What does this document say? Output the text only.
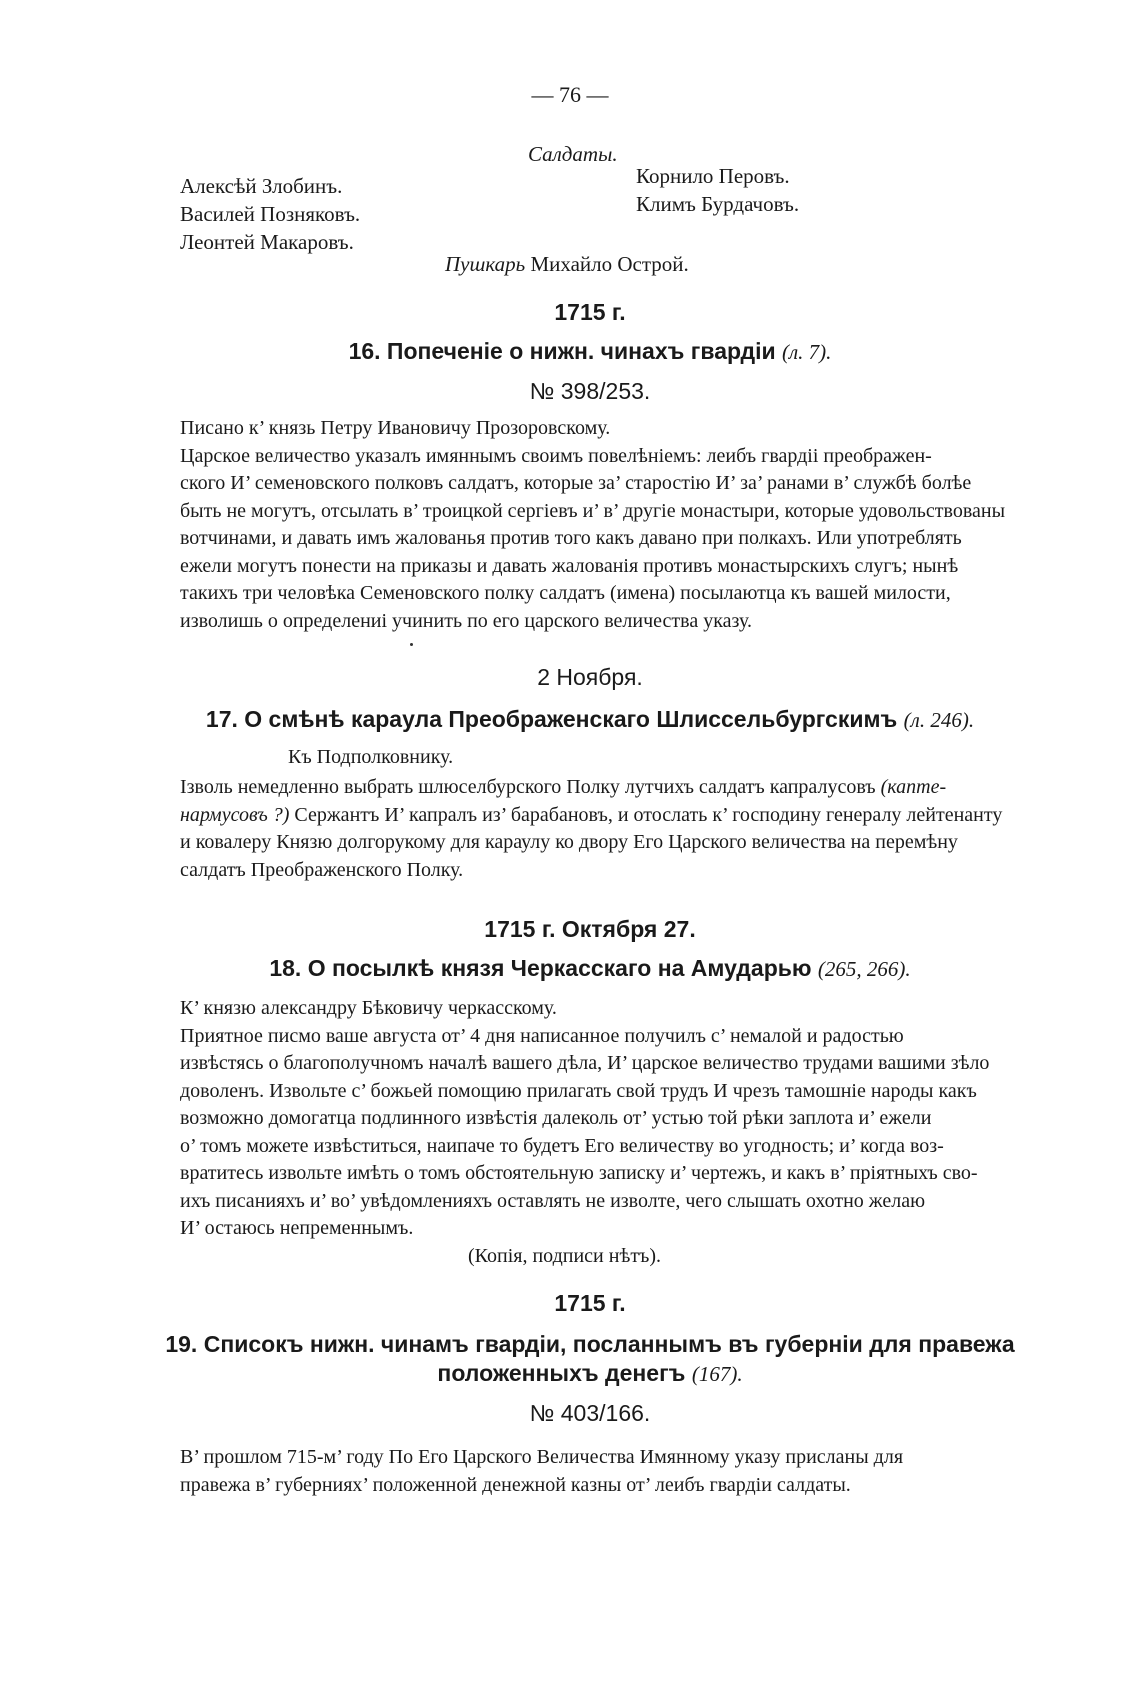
— 76 —
Салдаты.
Алексѣй Злобинъ.
Василей Позняковъ.
Леонтей Макаровъ.
Корнило Перовъ.
Климъ Бурдачовъ.
Пушкарь Михайло Острой.
1715 г.
16. Попеченіе о нижн. чинахъ гвардіи (л. 7).
№ 398/253.

Писано к’ князь Петру Ивановичу Прозоровскому.

Царское величество указалъ имяннымъ своимъ повелѣніемъ: леибъ гвардіі преображен-

ского И’ семеновского полковъ салдатъ, которые за’ старостію И’ за’ ранами в’ службѣ болѣе

быть не могутъ, отсылать в’ троицкой сергіевъ и’ в’ другіе монастыри, которые удовольствованы

вотчинами, и давать имъ жалованья против того какъ давано при полкахъ. Или употреблять

ежели могутъ понести на приказы и давать жалованія противъ монастырскихъ слугъ; нынѣ

такихъ три человѣка Семеновского полку салдатъ (имена) посылаютца къ вашей милости,

изволишь о определениі учинить по его царского величества указу.

2 Ноября.
17. О смѣнѣ караула Преображенскаго Шлиссельбургскимъ (л. 246).
Къ Подполковнику.

Ізволь немедленно выбрать шлюселбурского Полку лутчихъ салдатъ капралусовъ (капте-

нармусовъ ?) Сержантъ И’ капралъ из’ барабановъ, и отослать к’ господину генералу лейтенанту

и ковалеру Князю долгорукому для караулу ко двору Его Царского величества на перемѣну

салдатъ Преображенского Полку.

1715 г. Октября 27.
18. О посылкѣ князя Черкасскаго на Амударью (265, 266).

К’ князю александру Бѣковичу черкасскому.

Приятное писмо ваше августа от’ 4 дня написанное получилъ с’ немалой и радостью

извѣстясь о благополучномъ началѣ вашего дѣла, И’ царское величество трудами вашими зѣло

доволенъ. Извольте с’ божьей помощию прилагать свой трудъ И чрезъ тамошніе народы какъ

возможно домогатца подлинного извѣстія далеколь от’ устью той рѣки заплота и’ ежели

о’ томъ можете извѣститься, наипаче то будетъ Его величеству во угодность; и’ когда воз-

вратитесь извольте имѣть о томъ обстоятельную записку и’ чертежъ, и какъ в’ пріятныхъ сво-

ихъ писанияхъ и’ во’ увѣдомленияхъ оставлять не изволте, чего слышать охотно желаю

И’ остаюсь непременнымъ.

(Копія, подписи нѣтъ).
1715 г.
19. Списокъ нижн. чинамъ гвардіи, посланнымъ въ губерніи для правежа
положенныхъ денегъ (167).
№ 403/166.

В’ прошлом 715-м’ году По Его Царского Величества Имянному указу присланы для

правежа в’ губерниях’ положенной денежной казны от’ леибъ гвардіи салдаты.
